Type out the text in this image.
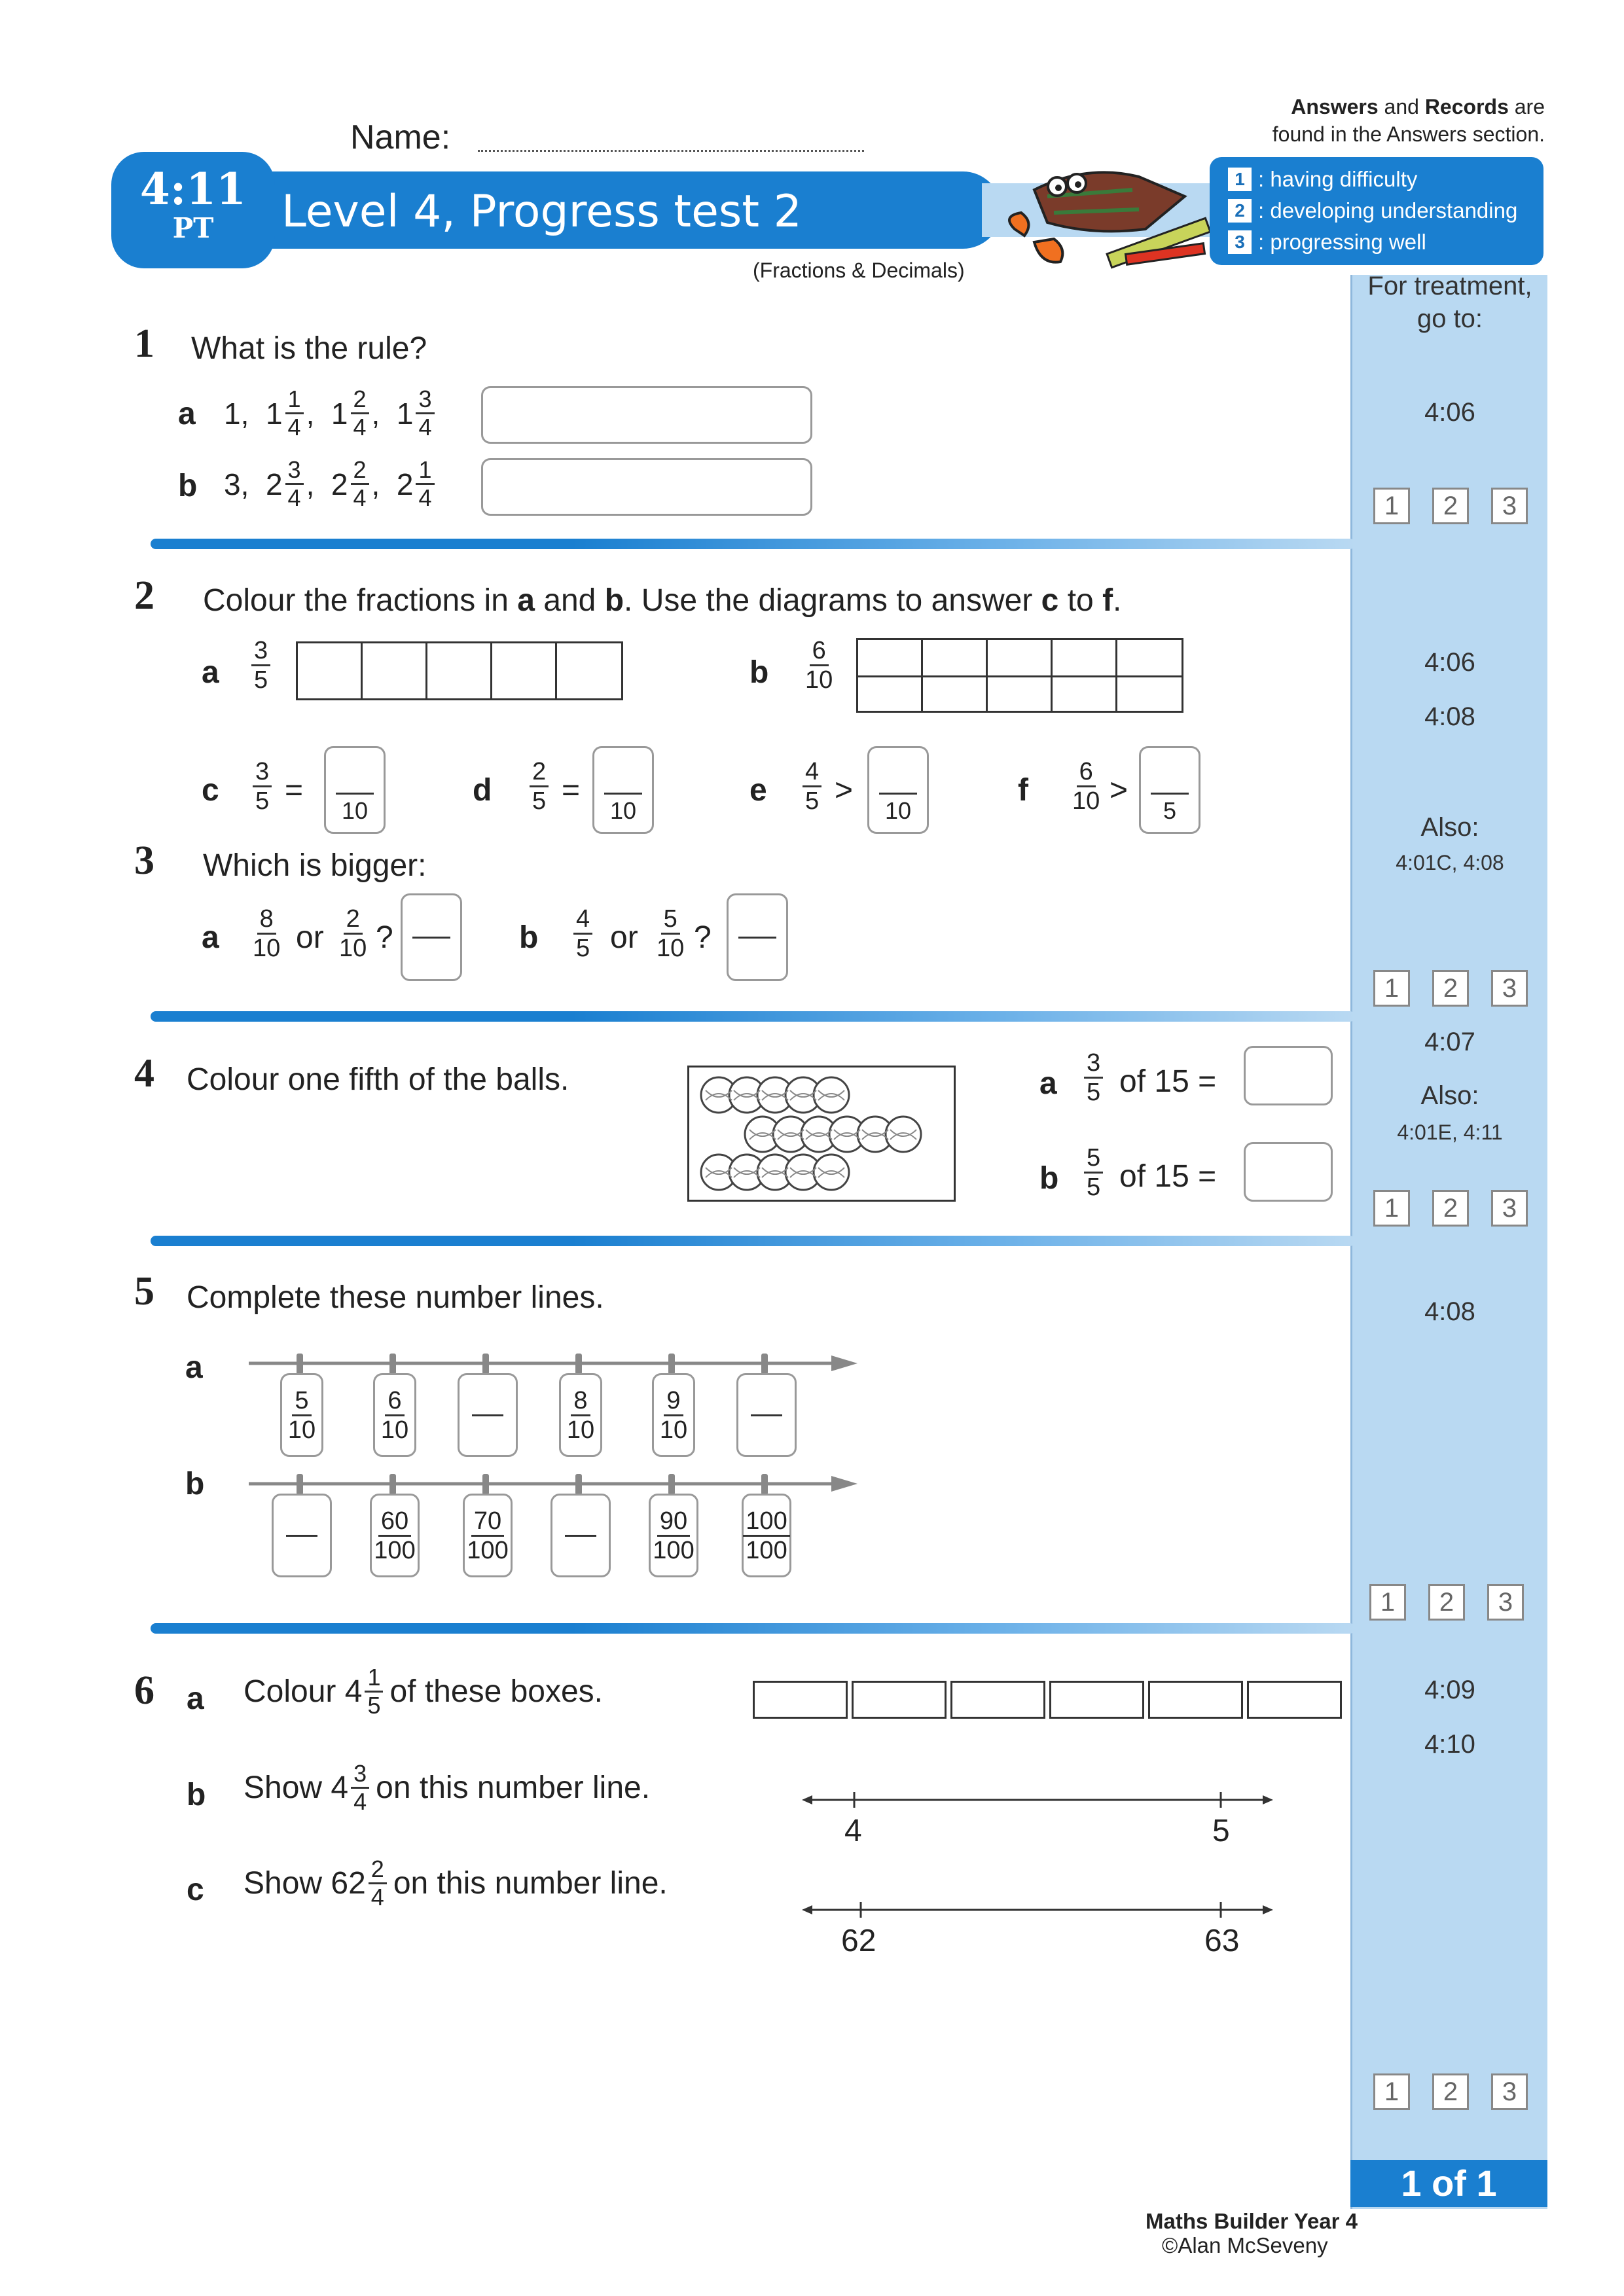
Name:
Answers and Records are
found in the Answers section.
4:11
PT	Level 4, Progress test 2
(Fractions & Decimals)
1 : having difficulty
2 : developing understanding
3 : progressing well
For treatment, go to:
4:06
4:06
4:08
Also:
4:01C, 4:08
4:07
Also:
4:01E, 4:11
4:08
4:09
4:10
1	2	3
1	2	3
1	2	3
1	2	3
1	2	3
1 of 1
1 What is the rule?
a 1,
$1 \frac{1}{4}$ ,
$1 \frac{2}{4}$ ,
$1 \frac{3}{4}$
b 3,
$2 \frac{3}{4}$ ,
$2 \frac{2}{4}$ ,
$2 \frac{1}{4}$
2 Colour the fractions in a and b. Use the diagrams to answer c to f.
a $\frac{3}{5}$	b $\frac{6}{10}$
c $\frac{3}{5}$ =
10
d $\frac{2}{5}$ =
10
e $\frac{4}{5}$ >
10
f $\frac{6}{10}$ >
5
3 Which is bigger:
a $\frac{8}{10}$ or $\frac{2}{10}$ ?	b $\frac{4}{5}$ or $\frac{5}{10}$ ?
4 Colour one fifth of the balls.	a $\frac{3}{5}$ of 15 =
b $\frac{5}{5}$ of 15 =
5 Complete these number lines.
a
5
10
6
10
8
10
9
10
b
60
100
70
100
90
100
100
100
6 a Colour $4 \frac{1}{5}$ of these boxes.
b Show $4 \frac{3}{4}$ on this number line.
4	5
c Show $62 \frac{2}{4}$ on this number line.
62	63
Maths Builder Year 4
©Alan McSeveny
